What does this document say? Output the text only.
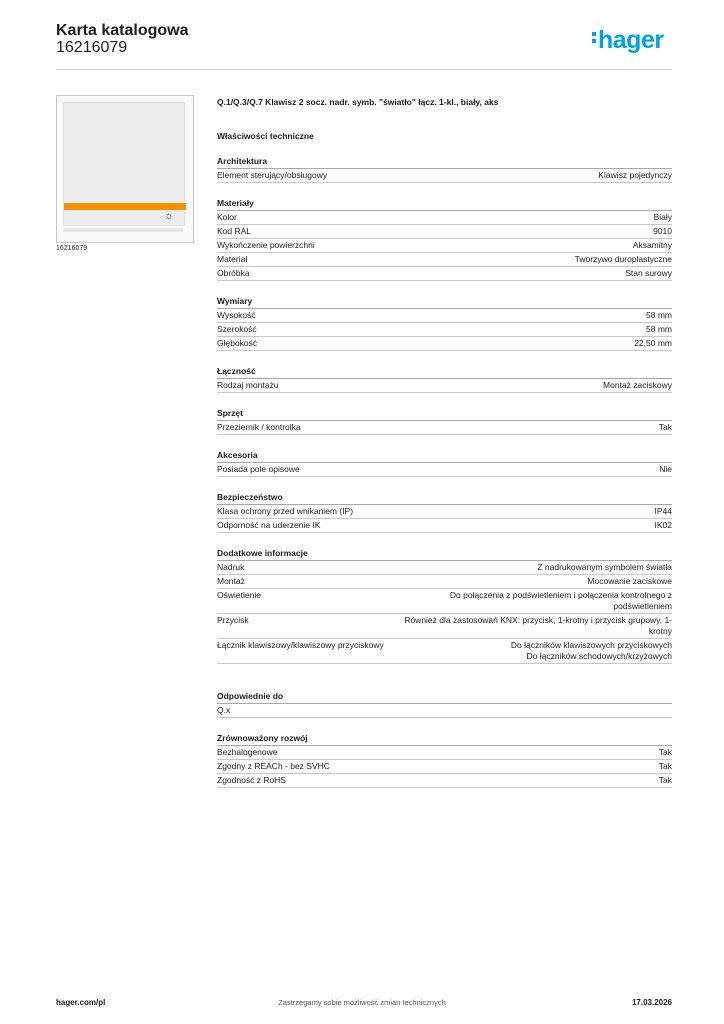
Karta katalogowa
16216079	hager
☼
16216079
Q.1/Q.3/Q.7 Klawisz 2 socz. nadr. symb. "światło" łącz. 1-kl., biały, aks
Właściwości techniczne
Architektura
Element sterujący/obsługowy	Klawisz pojedynczy
Materiały
Kolor	Biały
Kod RAL	9010
Wykończenie powierzchni	Aksamitny
Materiał	Tworzywo duroplastyczne
Obróbka	Stan surowy
Wymiary
Wysokość	58 mm
Szerokość	58 mm
Głębokość	22,50 mm
Łączność
Rodzaj montażu	Montaż zaciskowy
Sprzęt
Przeziernik / kontrolka	Tak
Akcesoria
Posiada pole opisowe	Nie
Bezpieczeństwo
Klasa ochrony przed wnikaniem (IP)	IP44
Odporność na uderzenie IK	IK02
Dodatkowe informacje
Nadruk	Z nadrukowanym symbolem światła
Montaż	Mocowanie zaciskowe
Oświetlenie	Do połączenia z podświetleniem i połączenia kontrolnego z podświetleniem
Przycisk	Również dla zastosowań KNX: przycisk, 1-krotny i przycisk grupowy, 1-krotny
Łącznik klawiszowy/klawiszowy przyciskowy	Do łączników klawiszowych przyciskowych
Do łączników schodowych/krzyżowych
Odpowiednie do
Q.x
Zrównoważony rozwój
Bezhalogenowe	Tak
Zgodny z REACh - bez SVHC	Tak
Zgodność z RoHS	Tak
hager.com/pl	Zastrzegamy sobie możliwość zmian technicznych	17.03.2026
